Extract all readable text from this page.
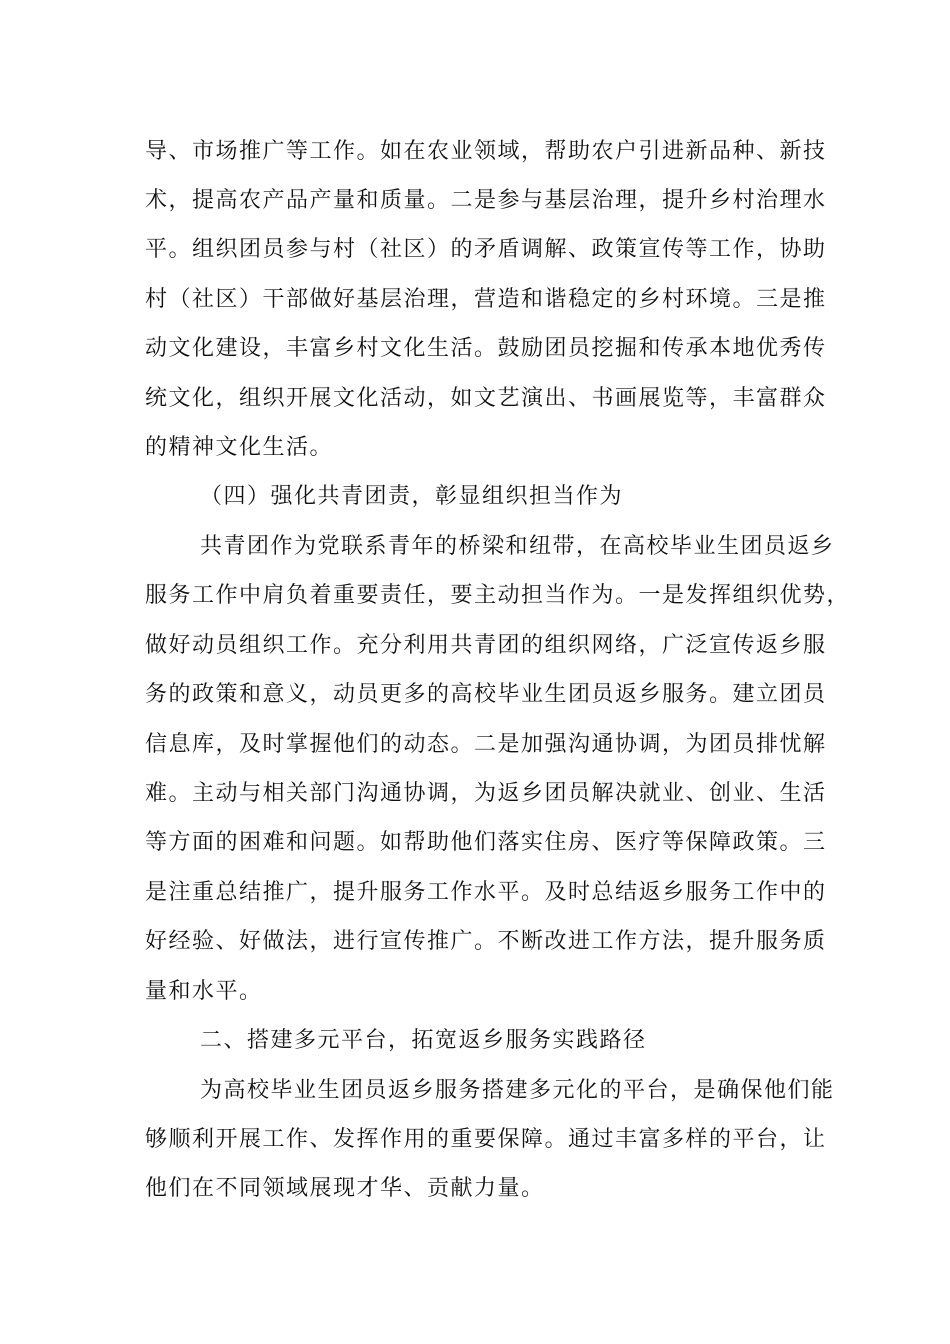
导、市场推广等工作。如在农业领域，帮助农户引进新品种、新技
术，提高农产品产量和质量。二是参与基层治理，提升乡村治理水
平。组织团员参与村（社区）的矛盾调解、政策宣传等工作，协助
村（社区）干部做好基层治理，营造和谐稳定的乡村环境。三是推
动文化建设，丰富乡村文化生活。鼓励团员挖掘和传承本地优秀传
统文化，组织开展文化活动，如文艺演出、书画展览等，丰富群众
的精神文化生活。
（四）强化共青团责，彰显组织担当作为
共青团作为党联系青年的桥梁和纽带，在高校毕业生团员返乡
服务工作中肩负着重要责任，要主动担当作为。一是发挥组织优势，
做好动员组织工作。充分利用共青团的组织网络，广泛宣传返乡服
务的政策和意义，动员更多的高校毕业生团员返乡服务。建立团员
信息库，及时掌握他们的动态。二是加强沟通协调，为团员排忧解
难。主动与相关部门沟通协调，为返乡团员解决就业、创业、生活
等方面的困难和问题。如帮助他们落实住房、医疗等保障政策。三
是注重总结推广，提升服务工作水平。及时总结返乡服务工作中的
好经验、好做法，进行宣传推广。不断改进工作方法，提升服务质
量和水平。
二、搭建多元平台，拓宽返乡服务实践路径
为高校毕业生团员返乡服务搭建多元化的平台，是确保他们能
够顺利开展工作、发挥作用的重要保障。通过丰富多样的平台，让
他们在不同领域展现才华、贡献力量。
